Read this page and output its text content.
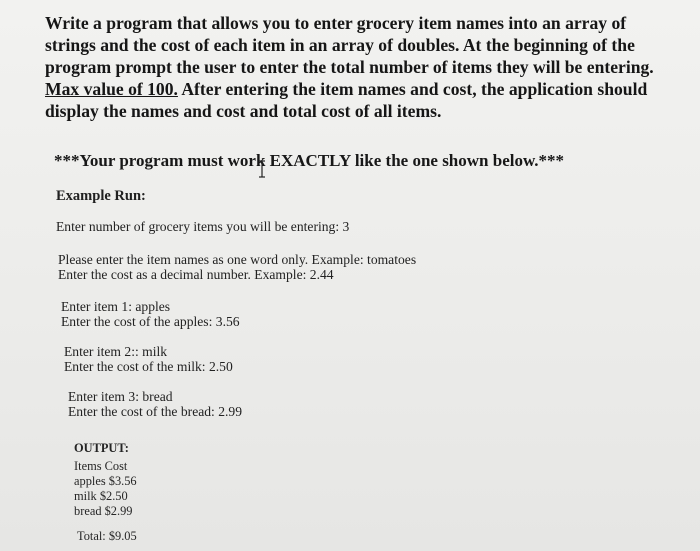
Write a program that allows you to enter grocery item names into an array of
strings and the cost of each item in an array of doubles. At the beginning of the
program prompt the user to enter the total number of items they will be entering.
Max value of 100. After entering the item names and cost, the application should
display the names and cost and total cost of all items.
***Your program must work EXACTLY like the one shown below.***
Example Run:
Enter number of grocery items you will be entering: 3
Please enter the item names as one word only. Example: tomatoes
Enter the cost as a decimal number. Example: 2.44
Enter item 1: apples
Enter the cost of the apples: 3.56
Enter item 2:: milk
Enter the cost of the milk: 2.50
Enter item 3: bread
Enter the cost of the bread: 2.99
OUTPUT:
Items Cost
apples $3.56
milk $2.50
bread $2.99
Total: $9.05
